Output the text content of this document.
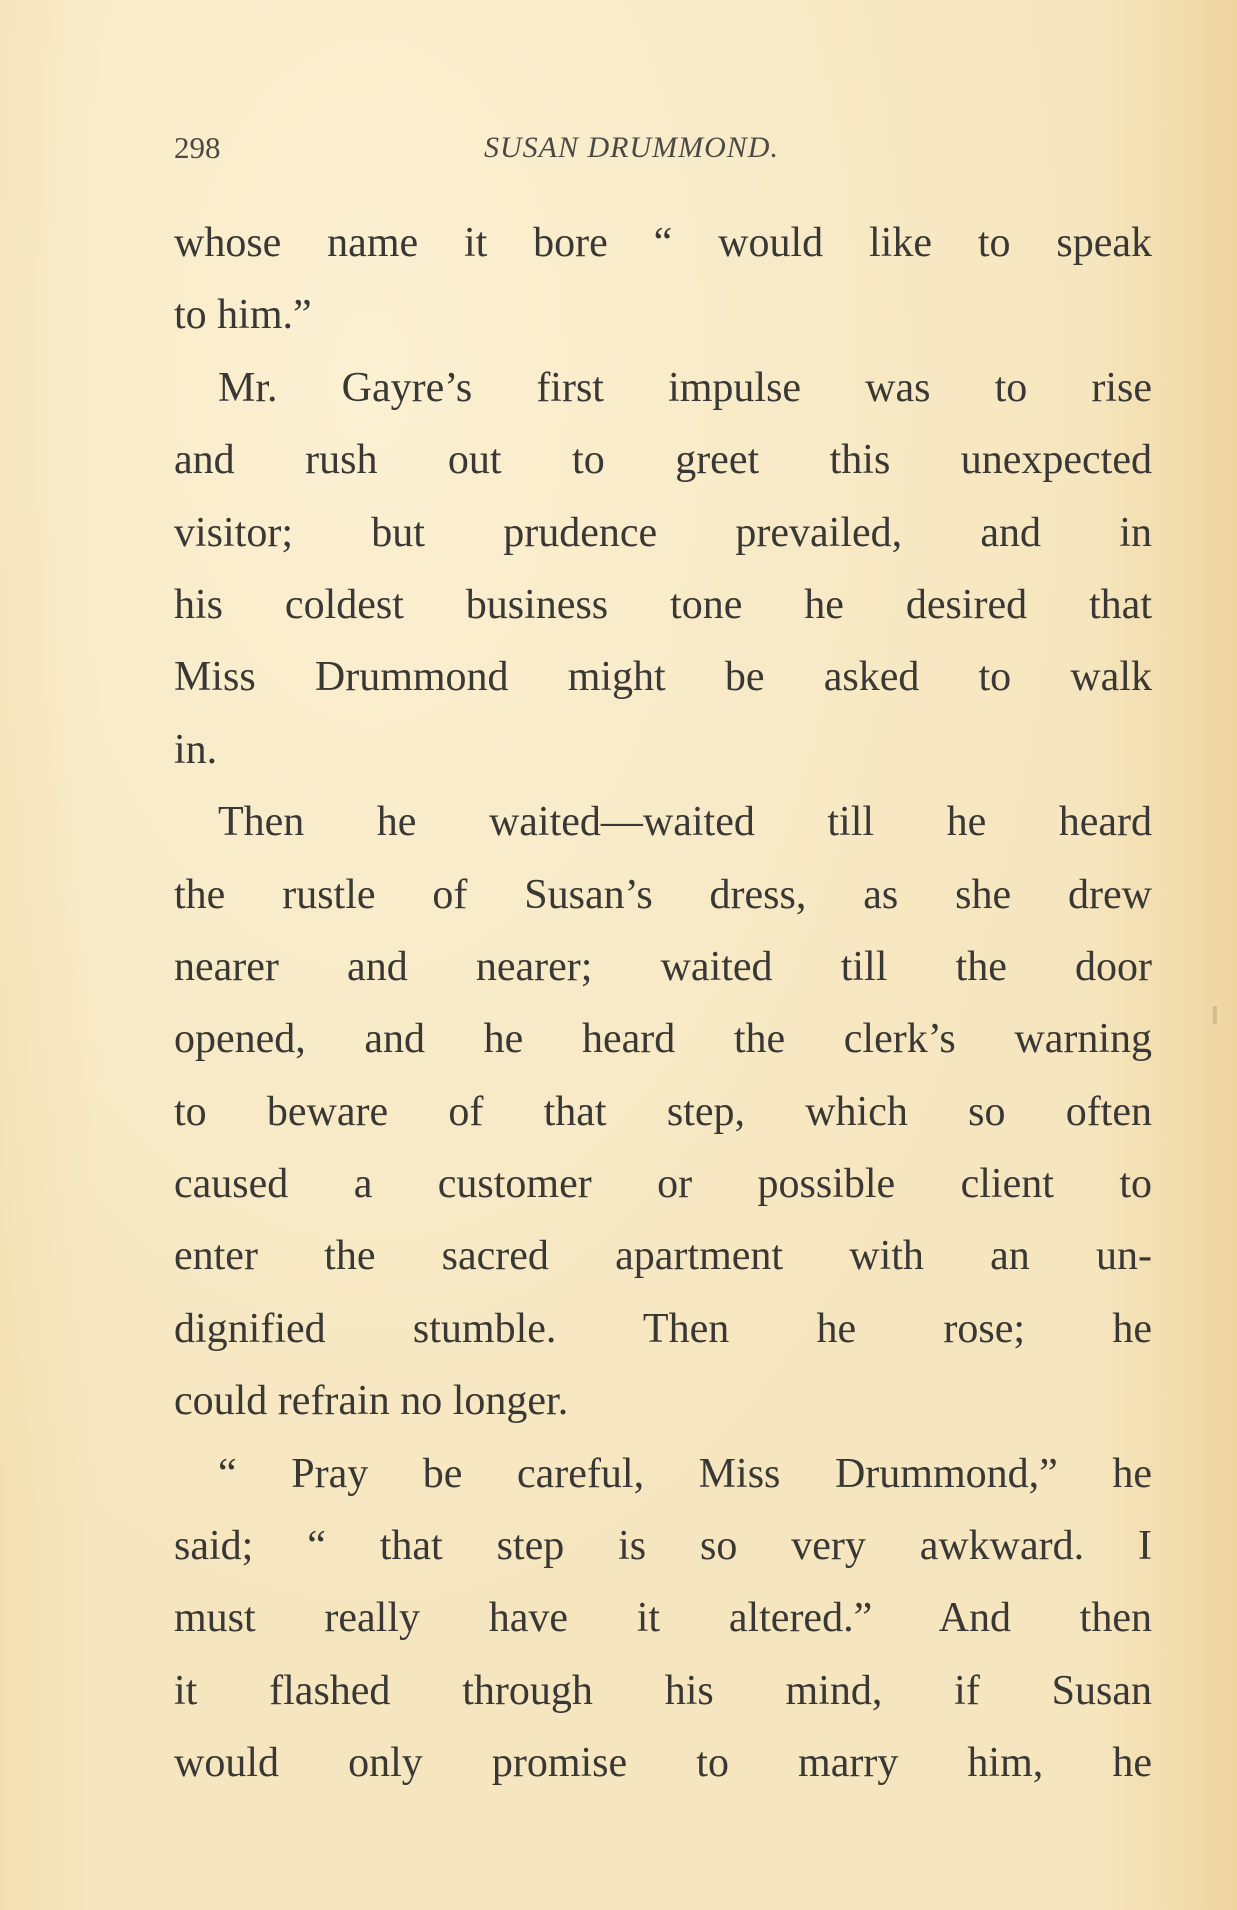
298	SUSAN DRUMMOND.
whose name it bore “ would like to speak
to him.”
Mr. Gayre’s first impulse was to rise
and rush out to greet this unexpected
visitor; but prudence prevailed, and in
his coldest business tone he desired that
Miss Drummond might be asked to walk
in.
Then he waited—waited till he heard
the rustle of Susan’s dress, as she drew
nearer and nearer; waited till the door
opened, and he heard the clerk’s warning
to beware of that step, which so often
caused a customer or possible client to
enter the sacred apartment with an un-
dignified stumble. Then he rose; he
could refrain no longer.
“ Pray be careful, Miss Drummond,” he
said; “ that step is so very awkward. I
must really have it altered.” And then
it flashed through his mind, if Susan
would only promise to marry him, he
